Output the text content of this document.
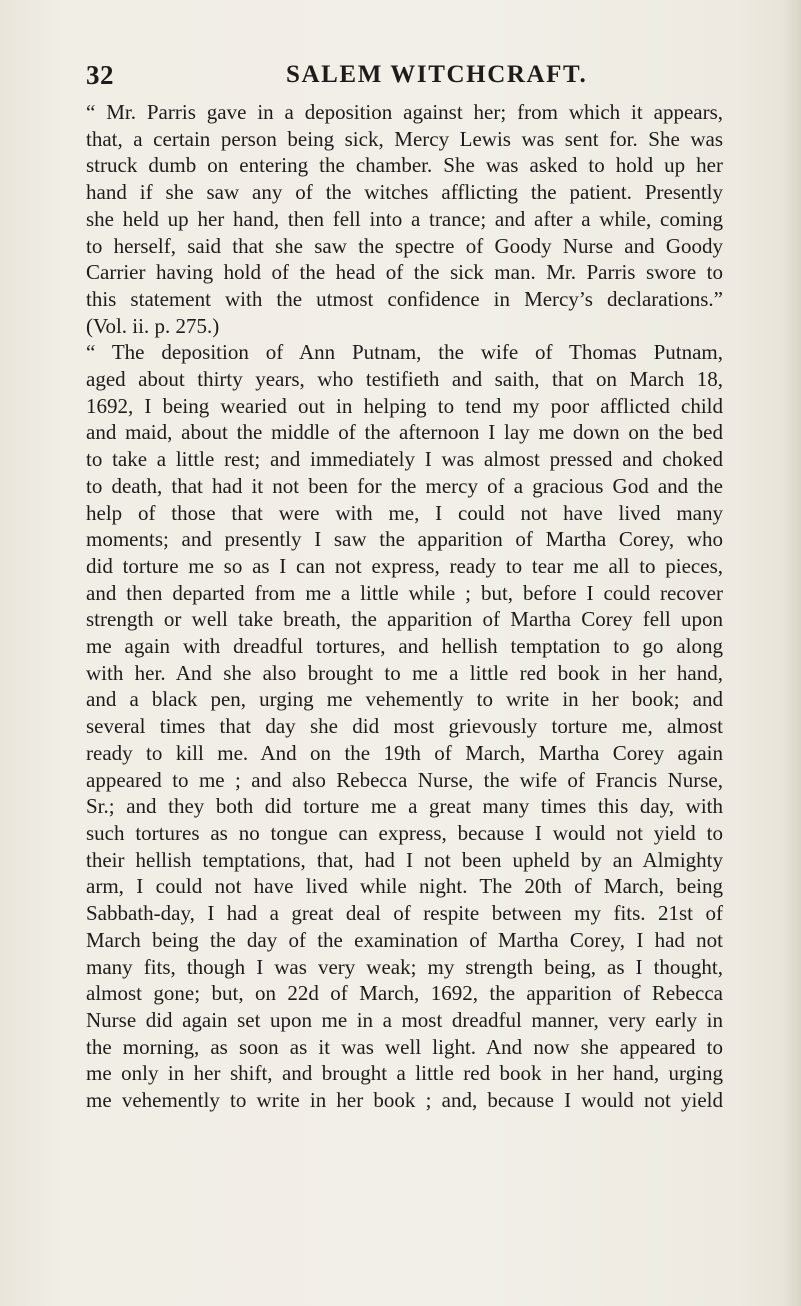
32	SALEM WITCHCRAFT.
“ Mr. Parris gave in a deposition against her; from which it appears,
that, a certain person being sick, Mercy Lewis was sent for. She was
struck dumb on entering the chamber. She was asked to hold up her
hand if she saw any of the witches afflicting the patient. Presently
she held up her hand, then fell into a trance; and after a while, coming
to herself, said that she saw the spectre of Goody Nurse and Goody
Carrier having hold of the head of the sick man. Mr. Parris swore to
this statement with the utmost confidence in Mercy’s declarations.”
(Vol. ii. p. 275.)
“ The deposition of Ann Putnam, the wife of Thomas Putnam,
aged about thirty years, who testifieth and saith, that on March 18,
1692, I being wearied out in helping to tend my poor afflicted child
and maid, about the middle of the afternoon I lay me down on the bed
to take a little rest; and immediately I was almost pressed and choked
to death, that had it not been for the mercy of a gracious God and the
help of those that were with me, I could not have lived many
moments; and presently I saw the apparition of Martha Corey, who
did torture me so as I can not express, ready to tear me all to pieces,
and then departed from me a little while ; but, before I could recover
strength or well take breath, the apparition of Martha Corey fell upon
me again with dreadful tortures, and hellish temptation to go along
with her. And she also brought to me a little red book in her hand,
and a black pen, urging me vehemently to write in her book; and
several times that day she did most grievously torture me, almost
ready to kill me. And on the 19th of March, Martha Corey again
appeared to me ; and also Rebecca Nurse, the wife of Francis Nurse,
Sr.; and they both did torture me a great many times this day, with
such tortures as no tongue can express, because I would not yield to
their hellish temptations, that, had I not been upheld by an Almighty
arm, I could not have lived while night. The 20th of March, being
Sabbath-day, I had a great deal of respite between my fits. 21st of
March being the day of the examination of Martha Corey, I had not
many fits, though I was very weak; my strength being, as I thought,
almost gone; but, on 22d of March, 1692, the apparition of Rebecca
Nurse did again set upon me in a most dreadful manner, very early in
the morning, as soon as it was well light. And now she appeared to
me only in her shift, and brought a little red book in her hand, urging
me vehemently to write in her book ; and, because I would not yield
